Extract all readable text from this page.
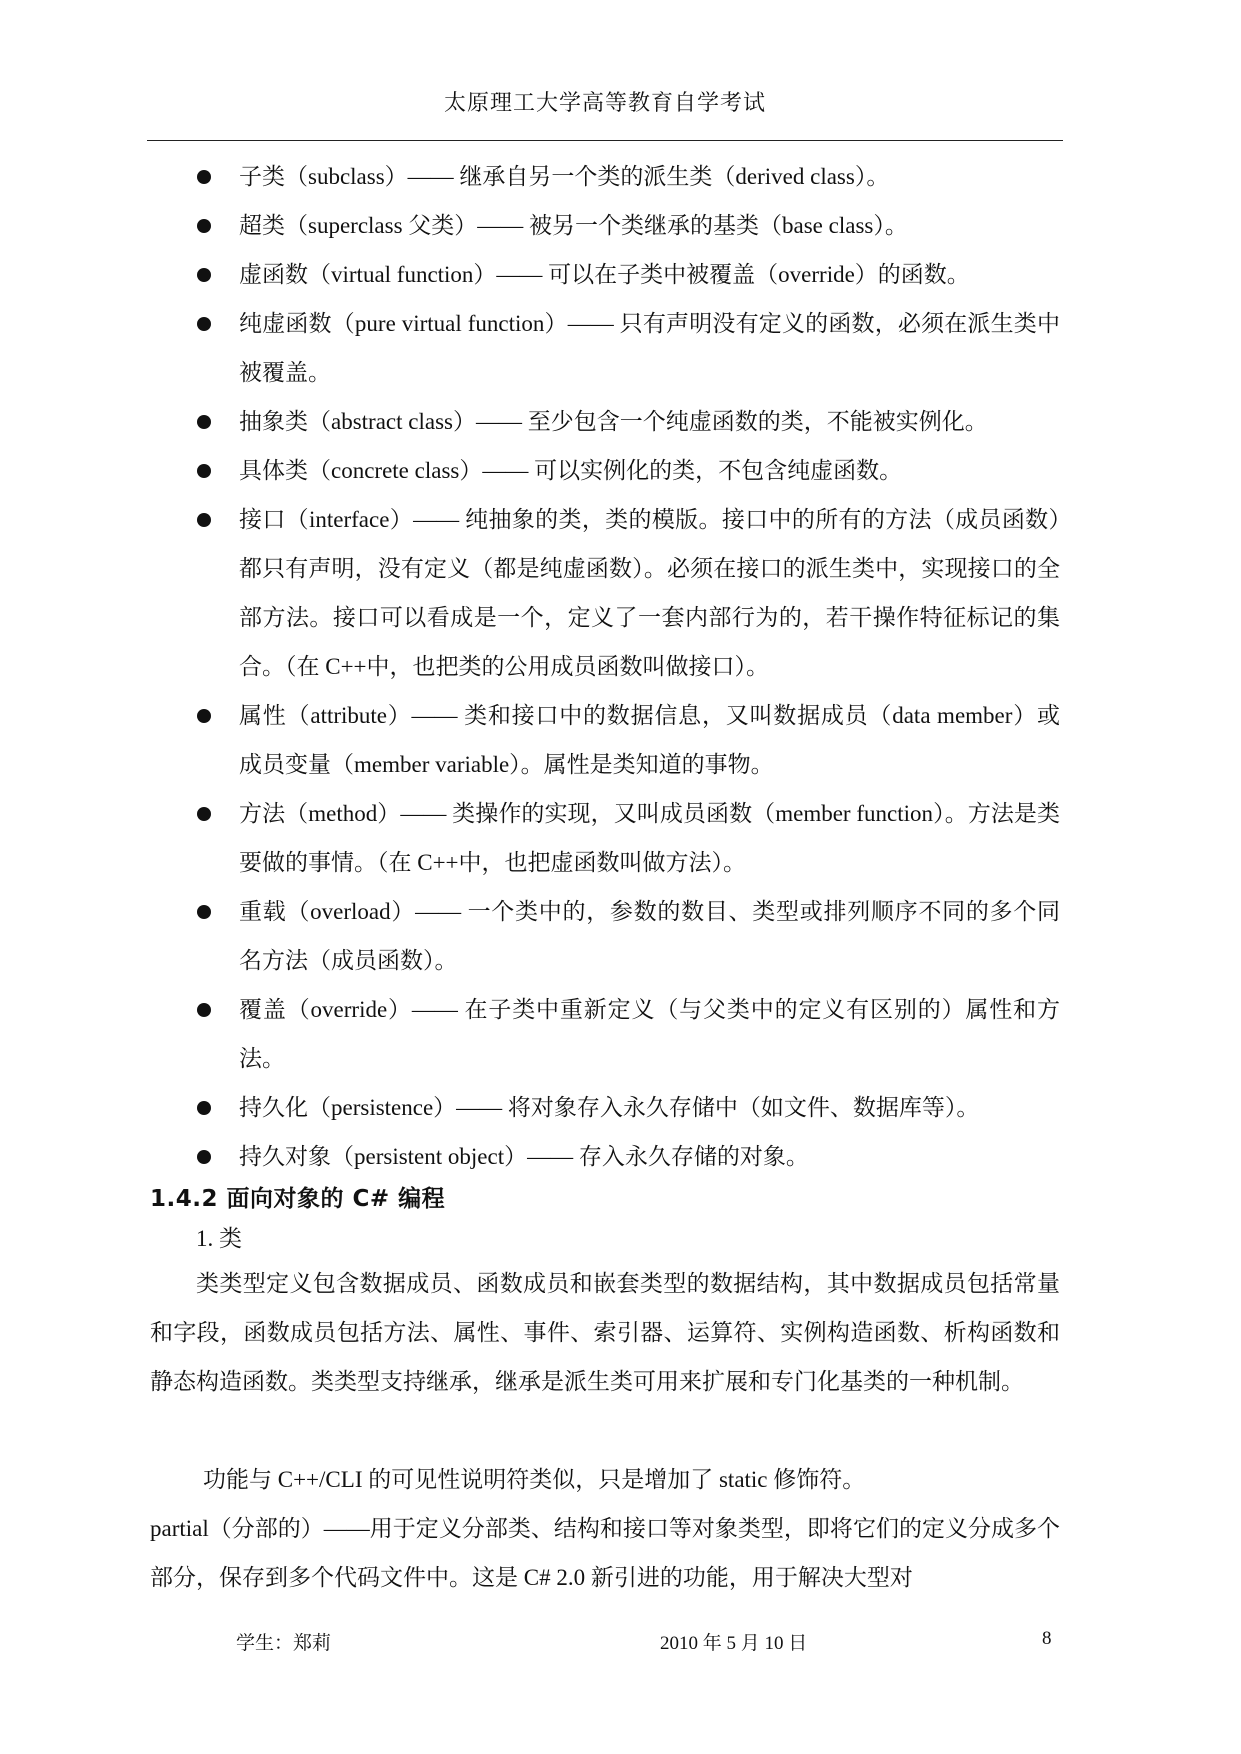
太原理工大学高等教育自学考试
子类（subclass）—— 继承自另一个类的派生类（derived class）。
超类（superclass 父类）—— 被另一个类继承的基类（base class）。
虚函数（virtual function）—— 可以在子类中被覆盖（override）的函数。
纯虚函数（pure virtual function）—— 只有声明没有定义的函数，必须在派生类中被覆盖。
抽象类（abstract class）—— 至少包含一个纯虚函数的类，不能被实例化。
具体类（concrete class）—— 可以实例化的类，不包含纯虚函数。
接口（interface）—— 纯抽象的类，类的模版。接口中的所有的方法（成员函数）都只有声明，没有定义（都是纯虚函数）。必须在接口的派生类中，实现接口的全部方法。接口可以看成是一个，定义了一套内部行为的，若干操作特征标记的集合。（在 C++中，也把类的公用成员函数叫做接口）。
属性（attribute）—— 类和接口中的数据信息，又叫数据成员（data member）或成员变量（member variable）。属性是类知道的事物。
方法（method）—— 类操作的实现，又叫成员函数（member function）。方法是类要做的事情。（在 C++中，也把虚函数叫做方法）。
重载（overload）—— 一个类中的，参数的数目、类型或排列顺序不同的多个同名方法（成员函数）。
覆盖（override）—— 在子类中重新定义（与父类中的定义有区别的）属性和方法。
持久化（persistence）—— 将对象存入永久存储中（如文件、数据库等）。
持久对象（persistent object）—— 存入永久存储的对象。
1.4.2 面向对象的 C# 编程
1. 类

类类型定义包含数据成员、函数成员和嵌套类型的数据结构，其中数据成员包括常量和字段，函数成员包括方法、属性、事件、索引器、运算符、实例构造函数、析构函数和静态构造函数。类类型支持继承，继承是派生类可用来扩展和专门化基类的一种机制。

功能与 C++/CLI 的可见性说明符类似，只是增加了 static 修饰符。

partial（分部的）——用于定义分部类、结构和接口等对象类型，即将它们的定义分成多个部分，保存到多个代码文件中。这是 C# 2.0 新引进的功能，用于解决大型对

学生：郑莉	2010 年 5 月 10 日	8
